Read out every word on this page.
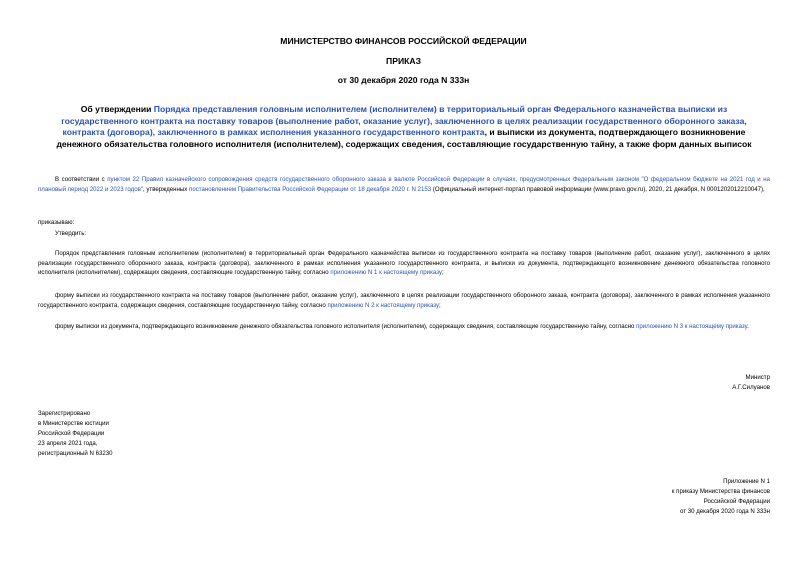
МИНИСТЕРСТВО ФИНАНСОВ РОССИЙСКОЙ ФЕДЕРАЦИИ
ПРИКАЗ
от 30 декабря 2020 года N 333н
Об утверждении Порядка представления головным исполнителем (исполнителем) в территориальный орган Федерального казначейства выписки из государственного контракта на поставку товаров (выполнение работ, оказание услуг), заключенного в целях реализации государственного оборонного заказа, контракта (договора), заключенного в рамках исполнения указанного государственного контракта, и выписки из документа, подтверждающего возникновение денежного обязательства головного исполнителя (исполнителем), содержащих сведения, составляющие государственную тайну, а также форм данных выписок
В соответствии с пунктом 22 Правил казначейского сопровождения средств государственного оборонного заказа в валюте Российской Федерации в случаях, предусмотренных Федеральным законом "О федеральном бюджете на 2021 год и на плановый период 2022 и 2023 годов", утвержденных постановлением Правительства Российской Федерации от 18 декабря 2020 г. N 2153 (Официальный интернет-портал правовой информации (www.pravo.gov.ru), 2020, 21 декабря, N 0001202012210047),
приказываю:
Утвердить:
Порядок представления головным исполнителем (исполнителем) в территориальный орган Федерального казначейства выписки из государственного контракта на поставку товаров (выполнение работ, оказание услуг), заключенного в целях реализации государственного оборонного заказа, контракта (договора), заключенного в рамках исполнения указанного государственного контракта, и выписки из документа, подтверждающего возникновение денежного обязательства головного исполнителя (исполнителем), содержащих сведения, составляющие государственную тайну, согласно приложению N 1 к настоящему приказу;
форму выписки из государственного контракта на поставку товаров (выполнение работ, оказание услуг), заключенного в целях реализации государственного оборонного заказа, контракта (договора), заключенного в рамках исполнения указанного государственного контракта, содержащих сведения, составляющие государственную тайну, согласно приложению N 2 к настоящему приказу;
форму выписки из документа, подтверждающего возникновение денежного обязательства головного исполнителя (исполнителем), содержащих сведения, составляющие государственную тайну, согласно приложению N 3 к настоящему приказу.
Министр
А.Г.Силуанов
Зарегистрировано
в Министерстве юстиции
Российской Федерации
23 апреля 2021 года,
регистрационный N 63230
Приложение N 1
к приказу Министерства финансов
Российской Федерации
от 30 декабря 2020 года N 333н
